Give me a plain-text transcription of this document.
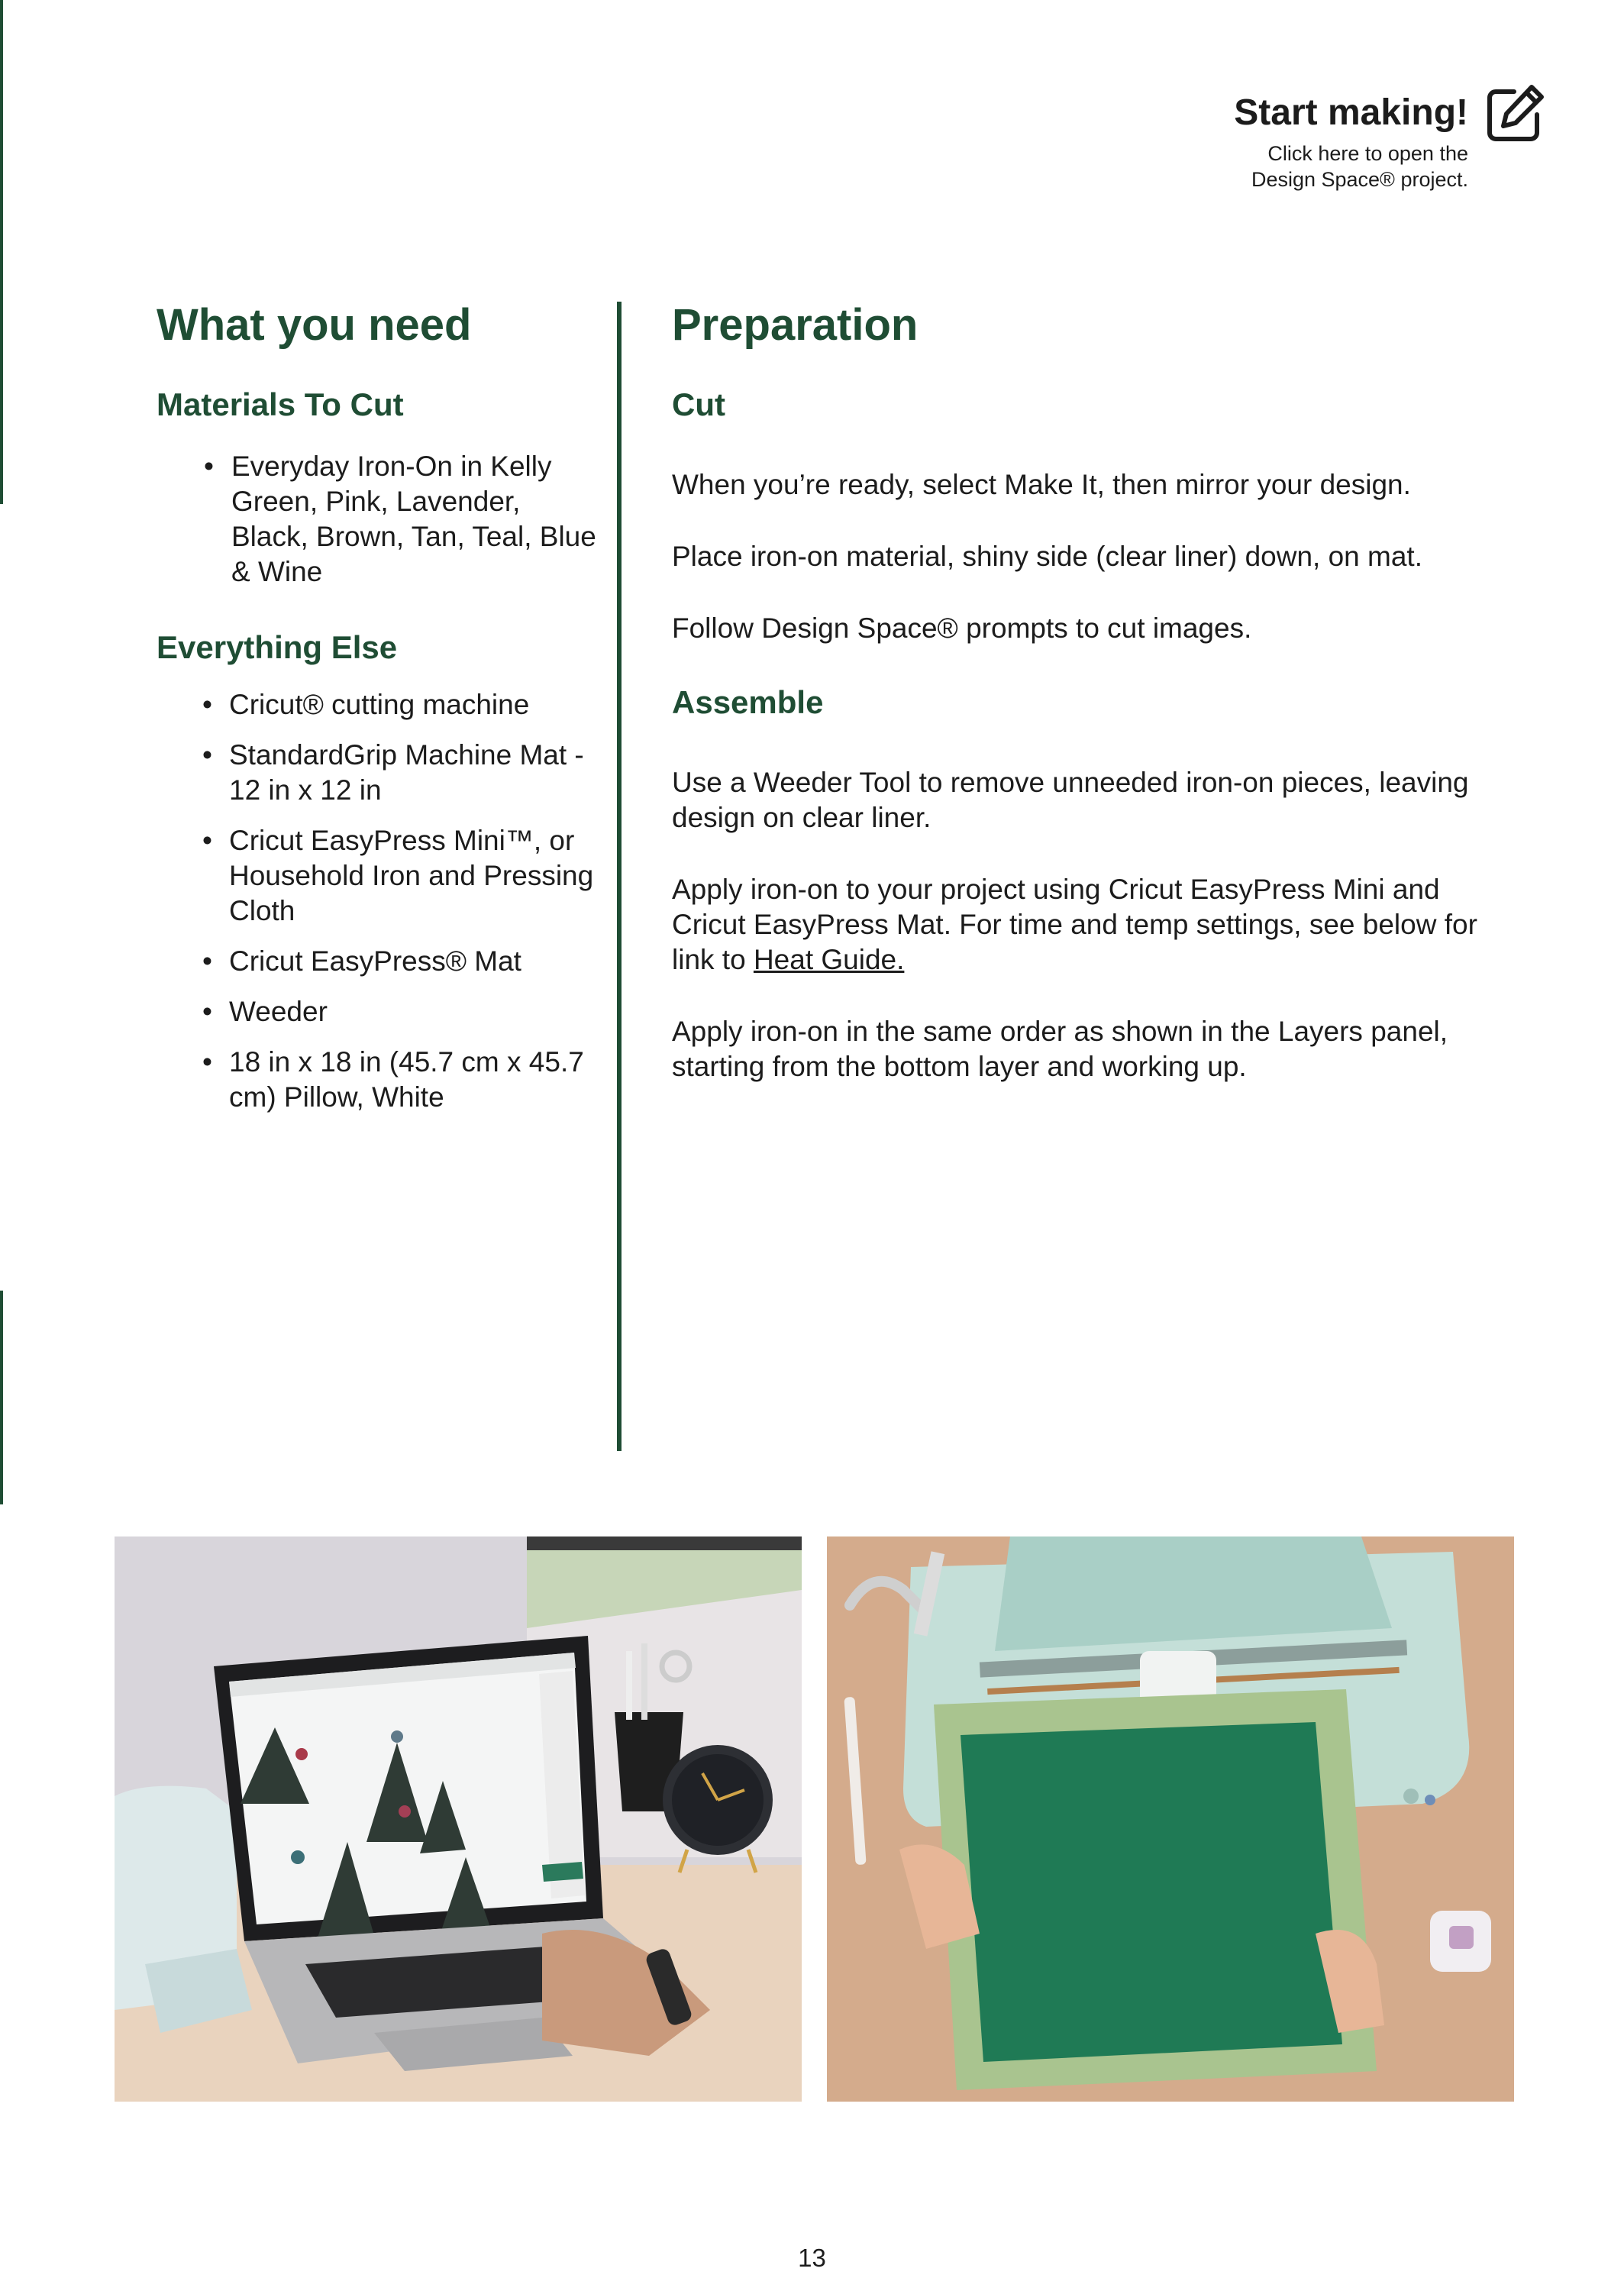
Start making!
Click here to open the
Design Space® project.
What you need
Materials To Cut
• Everyday Iron-On in Kelly Green, Pink, Lavender, Black, Brown, Tan, Teal, Blue & Wine
Everything Else
• Cricut® cutting machine
• StandardGrip Machine Mat - 12 in x 12 in
• Cricut EasyPress Mini™, or Household Iron and Pressing Cloth
• Cricut EasyPress® Mat
• Weeder
• 18 in x 18 in (45.7 cm x 45.7 cm) Pillow, White
Preparation
Cut

When you’re ready, select Make It, then mirror your design.

Place iron-on material, shiny side (clear liner) down, on mat.

Follow Design Space® prompts to cut images.

Assemble

Use a Weeder Tool to remove unneeded iron-on pieces, leaving design on clear liner.

Apply iron-on to your project using Cricut EasyPress Mini and Cricut EasyPress Mat. For time and temp settings, see below for link to Heat Guide.

Apply iron-on in the same order as shown in the Layers panel, starting from the bottom layer and working up.

13
